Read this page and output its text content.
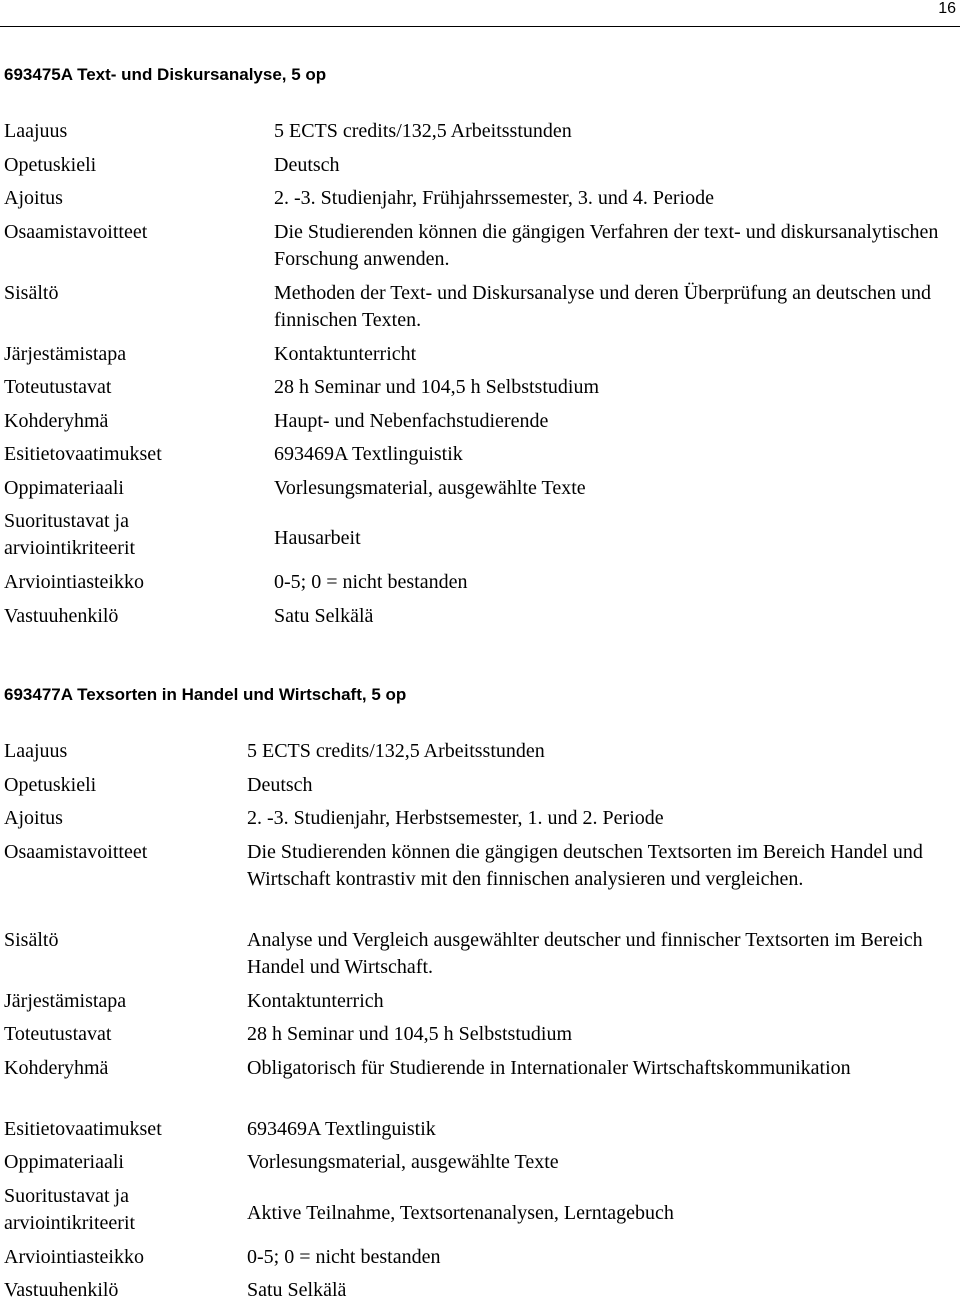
16
693475A Text- und Diskursanalyse, 5 op
Laajuus	5 ECTS credits/132,5 Arbeitsstunden
Opetuskieli	Deutsch
Ajoitus	2. -3. Studienjahr, Frühjahrssemester, 3. und 4. Periode
Osaamistavoitteet	Die Studierenden können die gängigen Verfahren der text- und diskursanalytischen Forschung anwenden.
Sisältö	Methoden der Text- und Diskursanalyse und deren Überprüfung an deutschen und finnischen Texten.
Järjestämistapa	Kontaktunterricht
Toteutustavat	28 h Seminar und 104,5 h Selbststudium
Kohderyhmä	Haupt- und Nebenfachstudierende
Esitietovaatimukset	693469A Textlinguistik
Oppimateriaali	Vorlesungsmaterial, ausgewählte Texte
Suoritustavat ja
arviointikriteerit	Hausarbeit
Arviointiasteikko	0-5; 0 = nicht bestanden
Vastuuhenkilö	Satu Selkälä
693477A Texsorten in Handel und Wirtschaft, 5 op
Laajuus	5 ECTS credits/132,5 Arbeitsstunden
Opetuskieli	Deutsch
Ajoitus	2. -3. Studienjahr, Herbstsemester, 1. und 2. Periode
Osaamistavoitteet	Die Studierenden können die gängigen deutschen Textsorten im Bereich Handel und Wirtschaft kontrastiv mit den finnischen analysieren und vergleichen.
Sisältö	Analyse und Vergleich ausgewählter deutscher und finnischer Textsorten im Bereich Handel und Wirtschaft.
Järjestämistapa	Kontaktunterrich
Toteutustavat	28 h Seminar und 104,5 h Selbststudium
Kohderyhmä	Obligatorisch für Studierende in Internationaler Wirtschaftskommunikation
Esitietovaatimukset	693469A Textlinguistik
Oppimateriaali	Vorlesungsmaterial, ausgewählte Texte
Suoritustavat ja
arviointikriteerit	Aktive Teilnahme, Textsortenanalysen, Lerntagebuch
Arviointiasteikko	0-5; 0 = nicht bestanden
Vastuuhenkilö	Satu Selkälä
